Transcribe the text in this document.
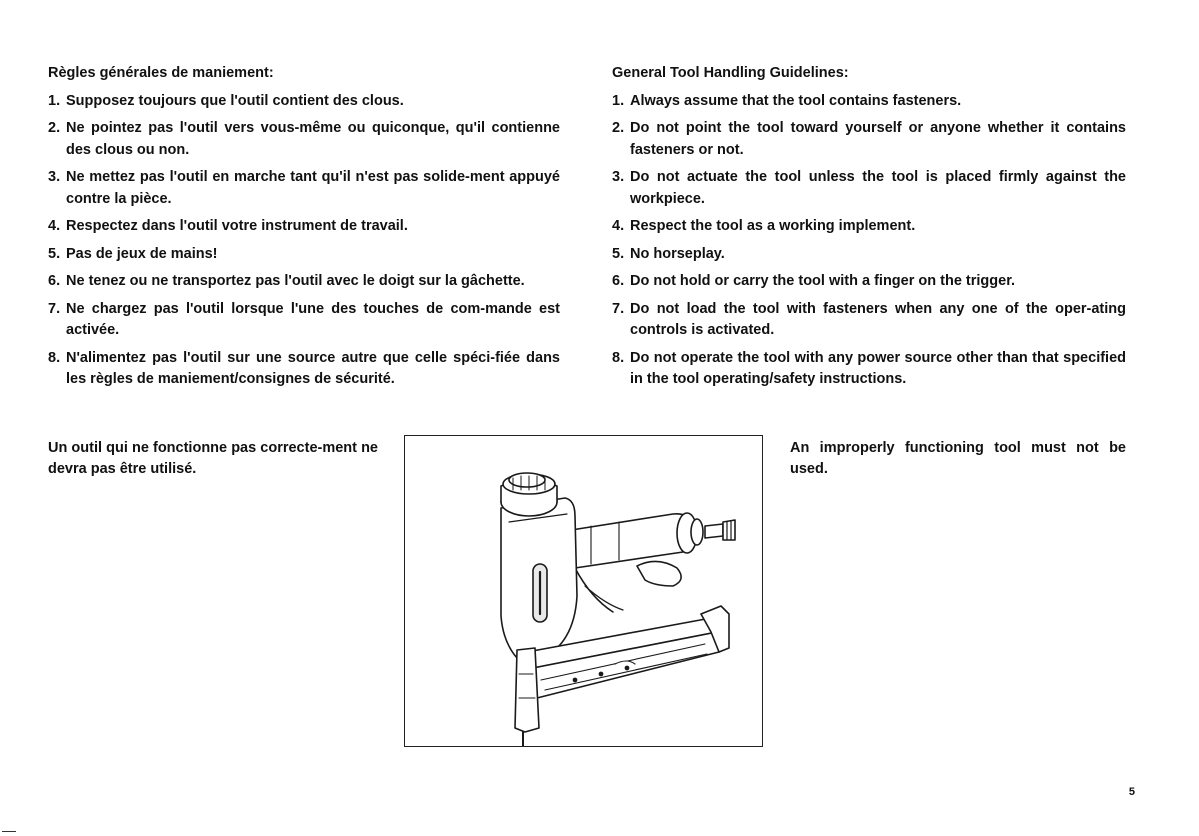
Règles générales de maniement:
1. Supposez toujours que l'outil contient des clous.
2. Ne pointez pas l'outil vers vous-même ou quiconque, qu'il contienne des clous ou non.
3. Ne mettez pas l'outil en marche tant qu'il n'est pas solide-ment appuyé contre la pièce.
4. Respectez dans l'outil votre instrument de travail.
5. Pas de jeux de mains!
6. Ne tenez ou ne transportez pas l'outil avec le doigt sur la gâchette.
7. Ne chargez pas l'outil lorsque l'une des touches de com-mande est activée.
8. N'alimentez pas l'outil sur une source autre que celle spéci-fiée dans les règles de maniement/consignes de sécurité.
General Tool Handling Guidelines:
1. Always assume that the tool contains fasteners.
2. Do not point the tool toward yourself or anyone whether it contains fasteners or not.
3. Do not actuate the tool unless the tool is placed firmly against the workpiece.
4. Respect the tool as a working implement.
5. No horseplay.
6. Do not hold or carry the tool with a finger on the trigger.
7. Do not load the tool with fasteners when any one of the oper-ating controls is activated.
8. Do not operate the tool with any power source other than that specified in the tool operating/safety instructions.
Un outil qui ne fonctionne pas correcte-ment ne devra pas être utilisé.
An improperly functioning tool must not be used.
5
